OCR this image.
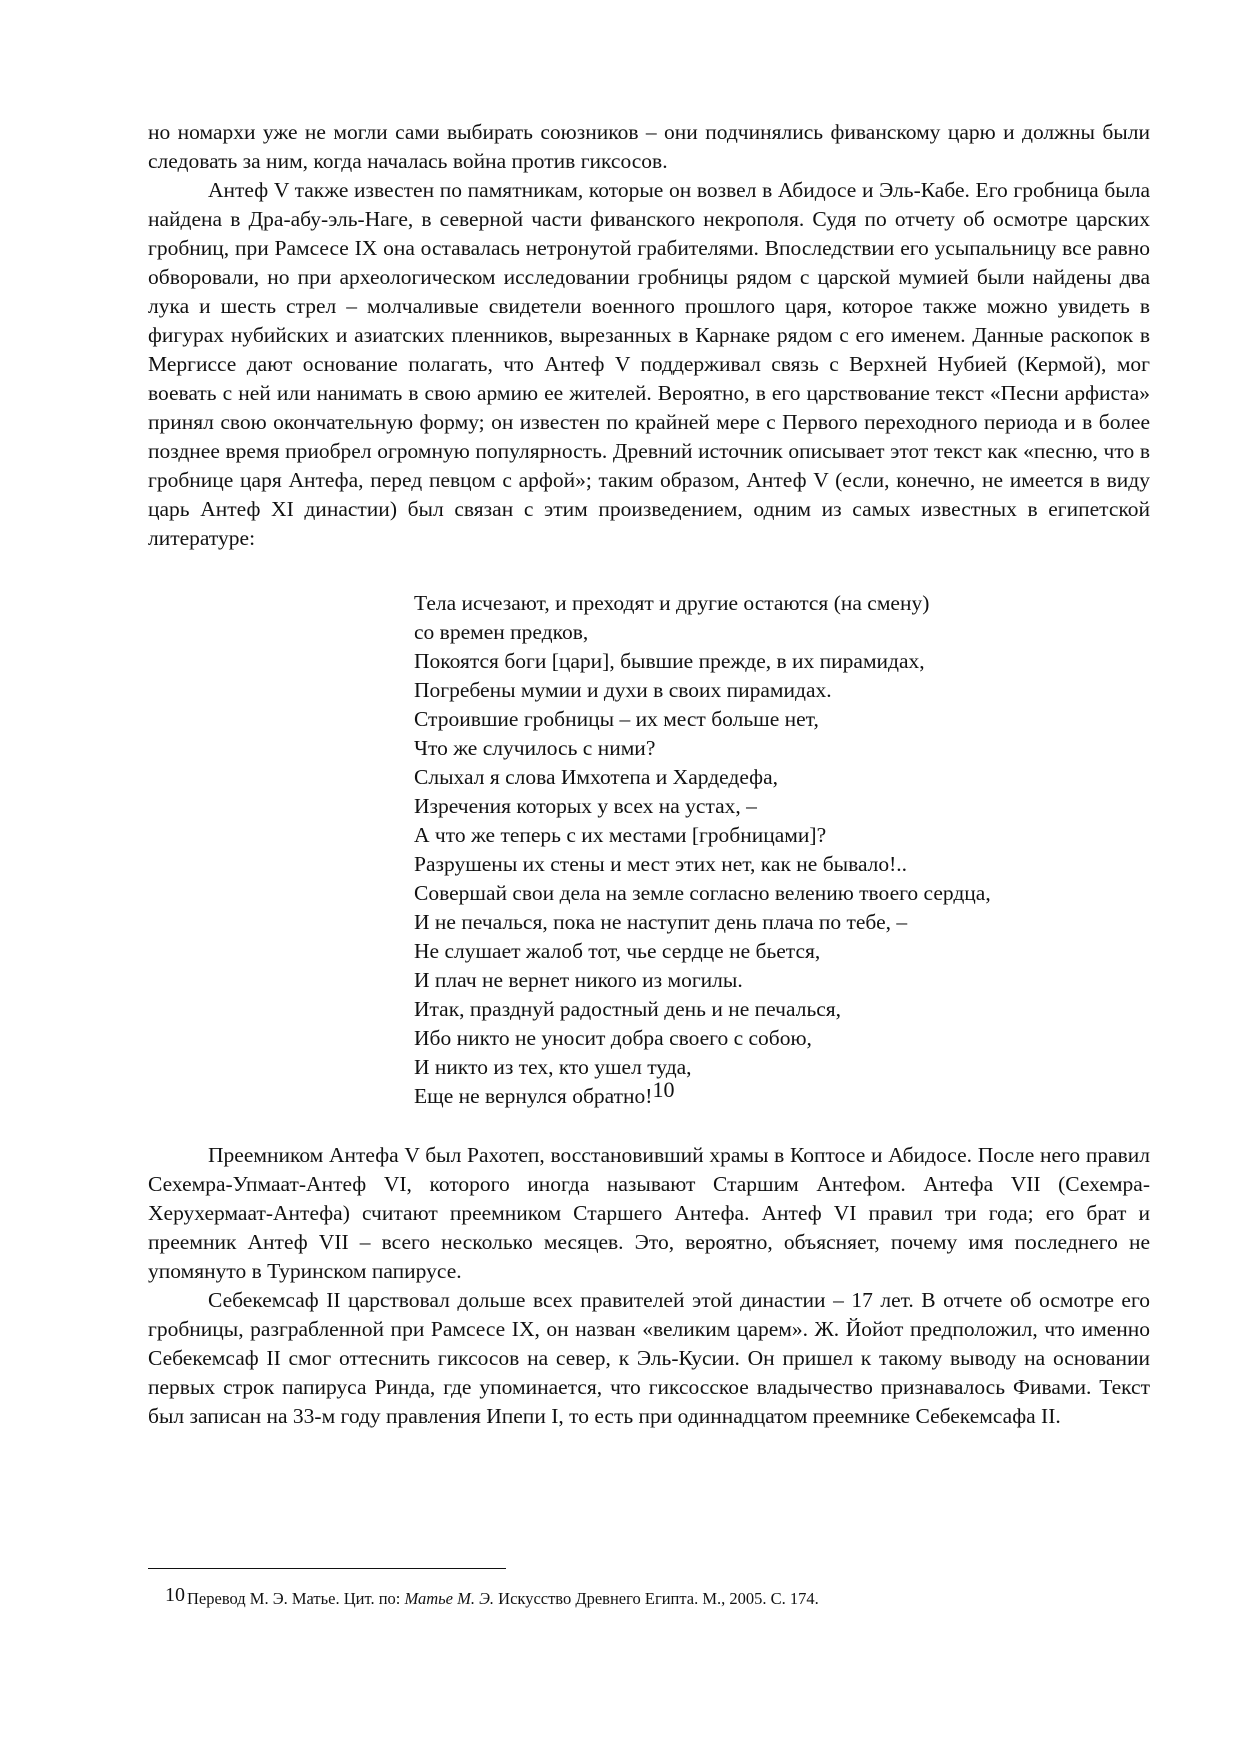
но номархи уже не могли сами выбирать союзников – они подчинялись фиванскому царю и должны были следовать за ним, когда началась война против гиксосов.

Антеф V также известен по памятникам, которые он возвел в Абидосе и Эль-Кабе. Его гробница была найдена в Дра-абу-эль-Наге, в северной части фиванского некрополя. Судя по отчету об осмотре царских гробниц, при Рамсесе IX она оставалась нетронутой грабителями. Впоследствии его усыпальницу все равно обворовали, но при археологическом исследовании гробницы рядом с царской мумией были найдены два лука и шесть стрел – молчаливые свидетели военного прошлого царя, которое также можно увидеть в фигурах нубийских и азиатских пленников, вырезанных в Карнаке рядом с его именем. Данные раскопок в Мергиссе дают основание полагать, что Антеф V поддерживал связь с Верхней Нубией (Кермой), мог воевать с ней или нанимать в свою армию ее жителей. Вероятно, в его царствование текст «Песни арфиста» принял свою окончательную форму; он известен по крайней мере с Первого переходного периода и в более позднее время приобрел огромную популярность. Древний источник описывает этот текст как «песню, что в гробнице царя Антефа, перед певцом с арфой»; таким образом, Антеф V (если, конечно, не имеется в виду царь Антеф XI династии) был связан с этим произведением, одним из самых известных в египетской литературе:

Тела исчезают, и преходят и другие остаются (на смену)
со времен предков,
Покоятся боги [цари], бывшие прежде, в их пирамидах,
Погребены мумии и духи в своих пирамидах.
Строившие гробницы – их мест больше нет,
Что же случилось с ними?
Слыхал я слова Имхотепа и Хардедефа,
Изречения которых у всех на устах, –
А что же теперь с их местами [гробницами]?
Разрушены их стены и мест этих нет, как не бывало!..
Совершай свои дела на земле согласно велению твоего сердца,
И не печалься, пока не наступит день плача по тебе, –
Не слушает жалоб тот, чье сердце не бьется,
И плач не вернет никого из могилы.
Итак, празднуй радостный день и не печалься,
Ибо никто не уносит добра своего с собою,
И никто из тех, кто ушел туда,
Еще не вернулся обратно!10

Преемником Антефа V был Рахотеп, восстановивший храмы в Коптосе и Абидосе. После него правил Сехемра-Упмаат-Антеф VI, которого иногда называют Старшим Антефом. Антефа VII (Сехемра-Херухермаат-Антефа) считают преемником Старшего Антефа. Антеф VI правил три года; его брат и преемник Антеф VII – всего несколько месяцев. Это, вероятно, объясняет, почему имя последнего не упомянуто в Туринском папирусе.

Себекемсаф II царствовал дольше всех правителей этой династии – 17 лет. В отчете об осмотре его гробницы, разграбленной при Рамсесе IX, он назван «великим царем». Ж. Йойот предположил, что именно Себекемсаф II смог оттеснить гиксосов на север, к Эль-Кусии. Он пришел к такому выводу на основании первых строк папируса Ринда, где упоминается, что гиксосское владычество признавалось Фивами. Текст был записан на 33-м году правления Ипепи I, то есть при одиннадцатом преемнике Себекемсафа II.

10 Перевод М. Э. Матье. Цит. по: Матье М. Э. Искусство Древнего Египта. М., 2005. С. 174.
